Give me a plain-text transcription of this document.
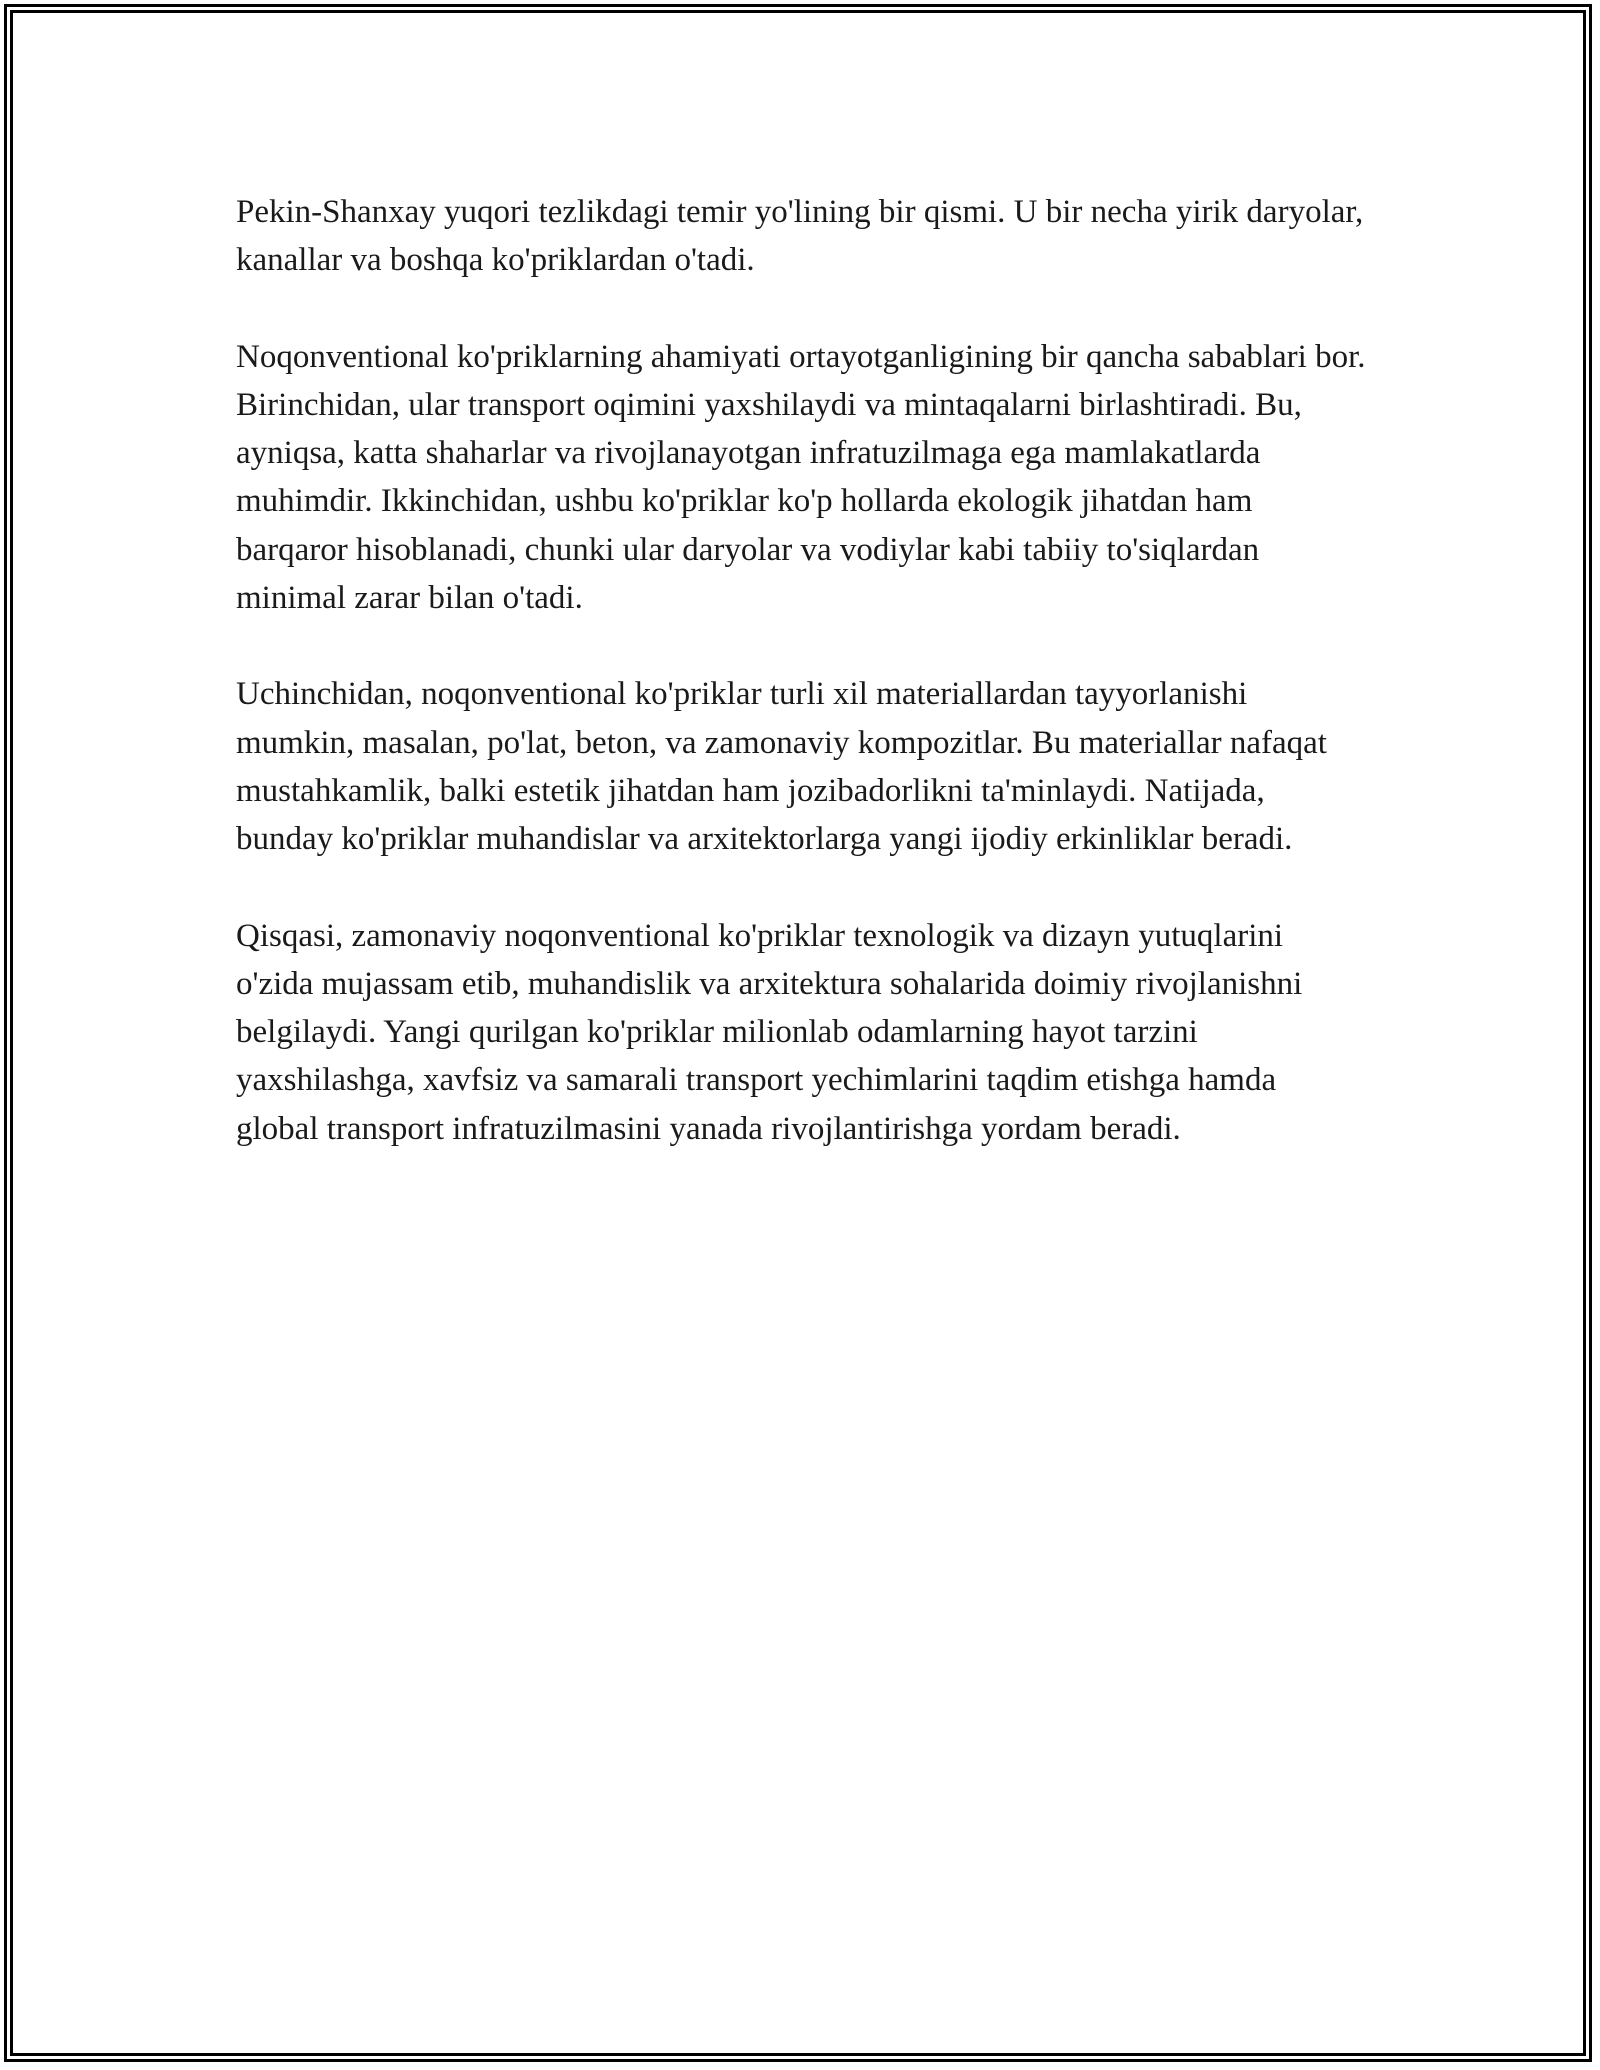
Pekin-Shanxay yuqori tezlikdagi temir yo'lining bir qismi. U bir necha yirik daryolar, kanallar va boshqa ko'priklardan o'tadi.

Noqonventional ko'priklarning ahamiyati ortayotganligining bir qancha sabablari bor. Birinchidan, ular transport oqimini yaxshilaydi va mintaqalarni birlashtiradi. Bu, ayniqsa, katta shaharlar va rivojlanayotgan infratuzilmaga ega mamlakatlarda muhimdir. Ikkinchidan, ushbu ko'priklar ko'p hollarda ekologik jihatdan ham barqaror hisoblanadi, chunki ular daryolar va vodiylar kabi tabiiy to'siqlardan minimal zarar bilan o'tadi.

Uchinchidan, noqonventional ko'priklar turli xil materiallardan tayyorlanishi mumkin, masalan, po'lat, beton, va zamonaviy kompozitlar. Bu materiallar nafaqat mustahkamlik, balki estetik jihatdan ham jozibadorlikni ta'minlaydi. Natijada, bunday ko'priklar muhandislar va arxitektorlarga yangi ijodiy erkinliklar beradi.

Qisqasi, zamonaviy noqonventional ko'priklar texnologik va dizayn yutuqlarini o'zida mujassam etib, muhandislik va arxitektura sohalarida doimiy rivojlanishni belgilaydi. Yangi qurilgan ko'priklar milionlab odamlarning hayot tarzini yaxshilashga, xavfsiz va samarali transport yechimlarini taqdim etishga hamda global transport infratuzilmasini yanada rivojlantirishga yordam beradi.
